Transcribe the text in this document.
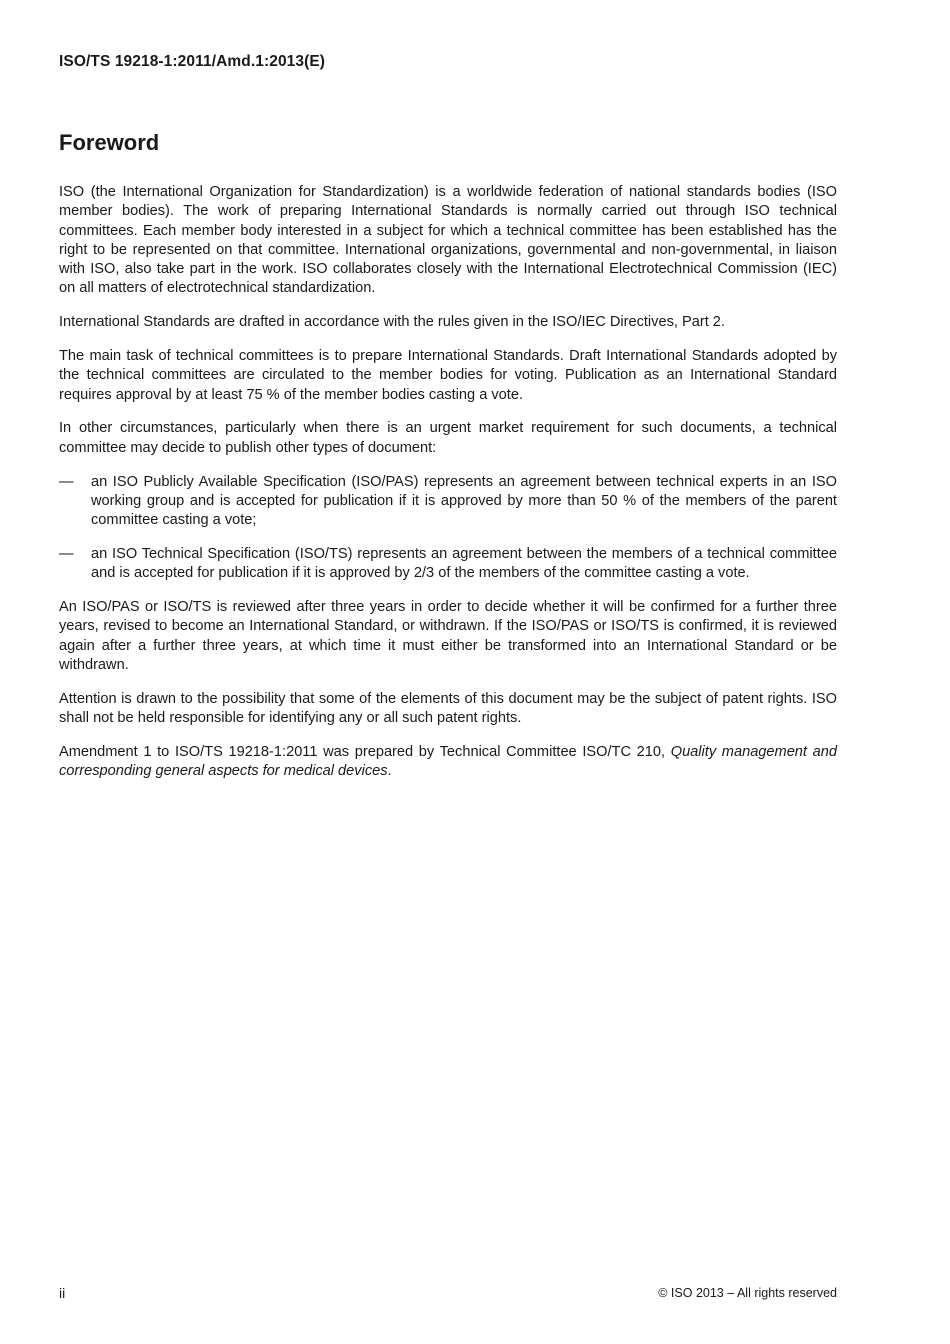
ISO/TS 19218-1:2011/Amd.1:2013(E)
Foreword

ISO (the International Organization for Standardization) is a worldwide federation of national standards bodies (ISO member bodies). The work of preparing International Standards is normally carried out through ISO technical committees. Each member body interested in a subject for which a technical committee has been established has the right to be represented on that committee. International organizations, governmental and non-governmental, in liaison with ISO, also take part in the work. ISO collaborates closely with the International Electrotechnical Commission (IEC) on all matters of electrotechnical standardization.

International Standards are drafted in accordance with the rules given in the ISO/IEC Directives, Part 2.

The main task of technical committees is to prepare International Standards. Draft International Standards adopted by the technical committees are circulated to the member bodies for voting. Publication as an International Standard requires approval by at least 75 % of the member bodies casting a vote.

In other circumstances, particularly when there is an urgent market requirement for such documents, a technical committee may decide to publish other types of document:

—	an ISO Publicly Available Specification (ISO/PAS) represents an agreement between technical experts in an ISO working group and is accepted for publication if it is approved by more than 50 % of the members of the parent committee casting a vote;
—	an ISO Technical Specification (ISO/TS) represents an agreement between the members of a technical committee and is accepted for publication if it is approved by 2/3 of the members of the committee casting a vote.

An ISO/PAS or ISO/TS is reviewed after three years in order to decide whether it will be confirmed for a further three years, revised to become an International Standard, or withdrawn. If the ISO/PAS or ISO/TS is confirmed, it is reviewed again after a further three years, at which time it must either be transformed into an International Standard or be withdrawn.

Attention is drawn to the possibility that some of the elements of this document may be the subject of patent rights. ISO shall not be held responsible for identifying any or all such patent rights.

Amendment 1 to ISO/TS 19218-1:2011 was prepared by Technical Committee ISO/TC 210, Quality management and corresponding general aspects for medical devices.

ii	© ISO 2013 – All rights reserved
